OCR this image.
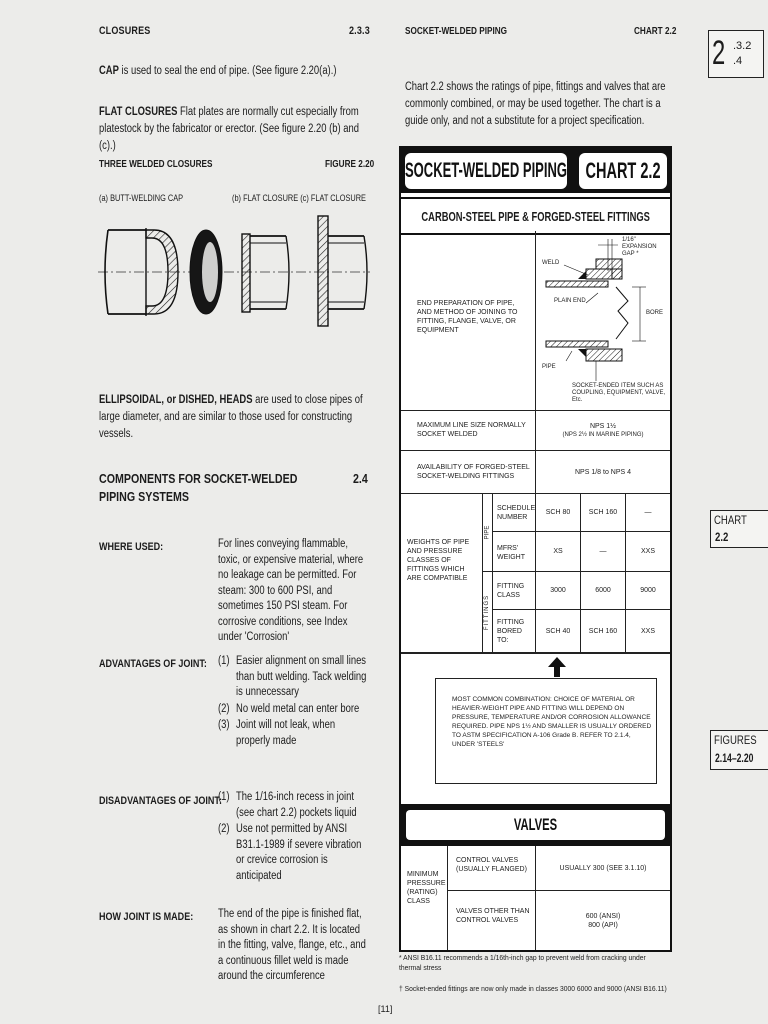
CLOSURES	2.3.3
CAP is used to seal the end of pipe. (See figure 2.20(a).)
FLAT CLOSURES Flat plates are normally cut especially from platestock by the fabricator or erector. (See figure 2.20 (b) and (c).)
THREE WELDED CLOSURES	FIGURE 2.20
(a) BUTT-WELDING CAP	(b) FLAT CLOSURE (c) FLAT CLOSURE
ELLIPSOIDAL, or DISHED, HEADS are used to close pipes of large diameter, and are similar to those used for constructing vessels.
COMPONENTS FOR SOCKET-WELDED
PIPING SYSTEMS
2.4
WHERE USED:	For lines conveying flammable, toxic, or expensive material, where no leakage can be permitted. For steam: 300 to 600 PSI, and sometimes 150 PSI steam. For corrosive conditions, see Index under 'Corrosion'
ADVANTAGES OF JOINT: (1) Easier alignment on small lines than butt welding. Tack welding is unnecessary
(2) No weld metal can enter bore
(3) Joint will not leak, when properly made
DISADVANTAGES OF JOINT:
(1) The 1/16-inch recess in joint (see chart 2.2) pockets liquid
(2) Use not permitted by ANSI B31.1-1989 if severe vibration or crevice corrosion is anticipated
HOW JOINT IS MADE: The end of the pipe is finished flat, as shown in chart 2.2. It is located in the fitting, valve, flange, etc., and a continuous fillet weld is made around the circumference
SOCKET-WELDED PIPING	CHART 2.2
Chart 2.2 shows the ratings of pipe, fittings and valves that are commonly combined, or may be used together. The chart is a guide only, and not a substitute for a project specification.
SOCKET-WELDED PIPING CHART 2.2
CARBON-STEEL PIPE & FORGED-STEEL FITTINGS
END PREPARATION OF PIPE, AND METHOD OF JOINING TO FITTING, FLANGE, VALVE, OR EQUIPMENT
1/16" EXPANSION GAP *
WELD
PLAIN END
BORE
PIPE
SOCKET-ENDED ITEM SUCH AS COUPLING, EQUIPMENT, VALVE, Etc.
MAXIMUM LINE SIZE NORMALLY SOCKET WELDED
NPS 1½
(NPS 2½ IN MARINE PIPING)
AVAILABILITY OF FORGED-STEEL SOCKET-WELDING FITTINGS
NPS 1/8 to NPS 4
WEIGHTS OF PIPE AND PRESSURE CLASSES OF FITTINGS WHICH ARE COMPATIBLE
PIPE
FITTINGS
SCHEDULE NUMBER
SCH 80	SCH 160	—
MFRS' WEIGHT
XS	—	XXS
FITTING CLASS
3000	6000	9000
FITTING BORED TO:
SCH 40	SCH 160	XXS
MOST COMMON COMBINATION: CHOICE OF MATERIAL OR HEAVIER-WEIGHT PIPE AND FITTING WILL DEPEND ON PRESSURE, TEMPERATURE AND/OR CORROSION ALLOWANCE REQUIRED. PIPE NPS 1½ AND SMALLER IS USUALLY ORDERED TO ASTM SPECIFICATION A-106 Grade B. REFER TO 2.1.4, UNDER 'STEELS'
VALVES
MINIMUM PRESSURE (RATING) CLASS
CONTROL VALVES (USUALLY FLANGED)	USUALLY 300 (SEE 3.1.10)
VALVES OTHER THAN CONTROL VALVES
600 (ANSI)
800 (API)
* ANSI B16.11 recommends a 1/16th-inch gap to prevent weld from cracking under thermal stress
† Socket-ended fittings are now only made in classes 3000 6000 and 9000 (ANSI B16.11)
[11]
2 .3.2
.4
CHART
2.2
FIGURES
2.14–2.20
